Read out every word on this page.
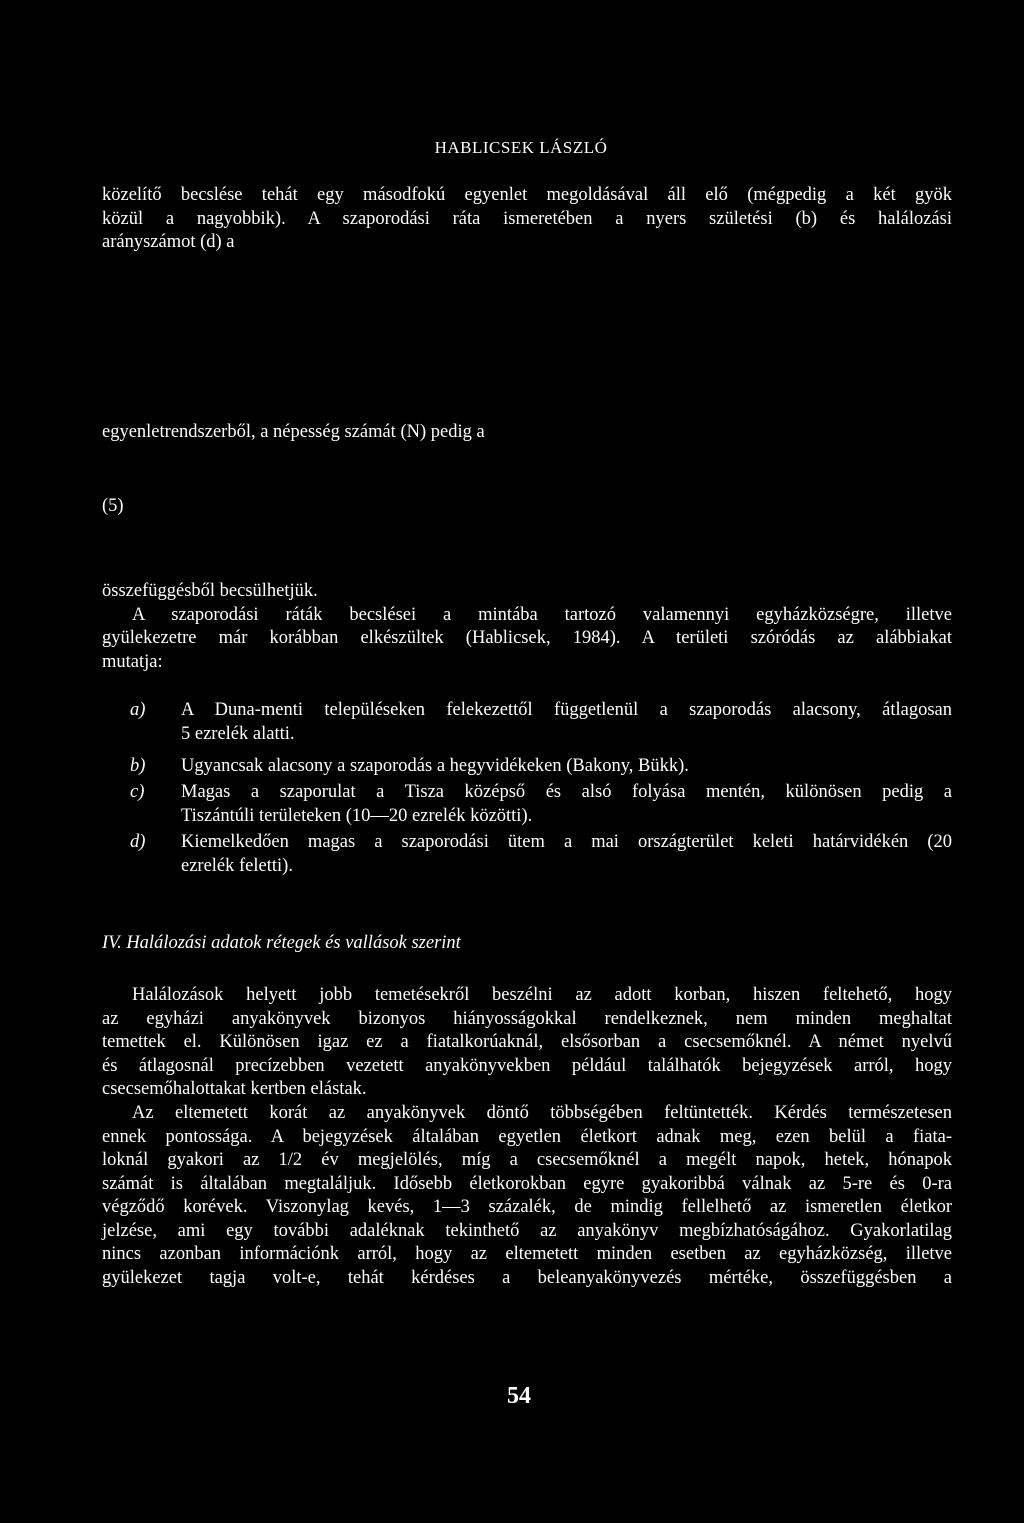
HABLICSEK LÁSZLÓ
közelítő becslése tehát egy másodfokú egyenlet megoldásával áll elő (mégpedig a két gyök
közül a nagyobbik). A szaporodási ráta ismeretében a nyers születési (b) és halálozási
arányszámot (d) a
egyenletrendszerből, a népesség számát (N) pedig a
(5)
összefüggésből becsülhetjük.
A szaporodási ráták becslései a mintába tartozó valamennyi egyházközségre, illetve
gyülekezetre már korábban elkészültek (Hablicsek, 1984). A területi szóródás az alábbiakat
mutatja:
a) A Duna-menti településeken felekezettől függetlenül a szaporodás alacsony, átlagosan
5 ezrelék alatti.
b) Ugyancsak alacsony a szaporodás a hegyvidékeken (Bakony, Bükk).
c) Magas a szaporulat a Tisza középső és alsó folyása mentén, különösen pedig a
Tiszántúli területeken (10—20 ezrelék közötti).
d) Kiemelkedően magas a szaporodási ütem a mai országterület keleti határvidékén (20
ezrelék feletti).
IV. Halálozási adatok rétegek és vallások szerint
Halálozások helyett jobb temetésekről beszélni az adott korban, hiszen feltehető, hogy
az egyházi anyakönyvek bizonyos hiányosságokkal rendelkeznek, nem minden meghaltat
temettek el. Különösen igaz ez a fiatalkorúaknál, elsősorban a csecsemőknél. A német nyelvű
és átlagosnál precízebben vezetett anyakönyvekben például találhatók bejegyzések arról, hogy
csecsemőhalottakat kertben elástak.
Az eltemetett korát az anyakönyvek döntő többségében feltüntették. Kérdés természetesen
ennek pontossága. A bejegyzések általában egyetlen életkort adnak meg, ezen belül a fiata-
loknál gyakori az 1/2 év megjelölés, míg a csecsemőknél a megélt napok, hetek, hónapok
számát is általában megtaláljuk. Idősebb életkorokban egyre gyakoribbá válnak az 5-re és 0-ra
végződő korévek. Viszonylag kevés, 1—3 százalék, de mindig fellelhető az ismeretlen életkor
jelzése, ami egy további adaléknak tekinthető az anyakönyv megbízhatóságához. Gyakorlatilag
nincs azonban információnk arról, hogy az eltemetett minden esetben az egyházközség, illetve
gyülekezet tagja volt-e, tehát kérdéses a beleanyakönyvezés mértéke, összefüggésben a
54
